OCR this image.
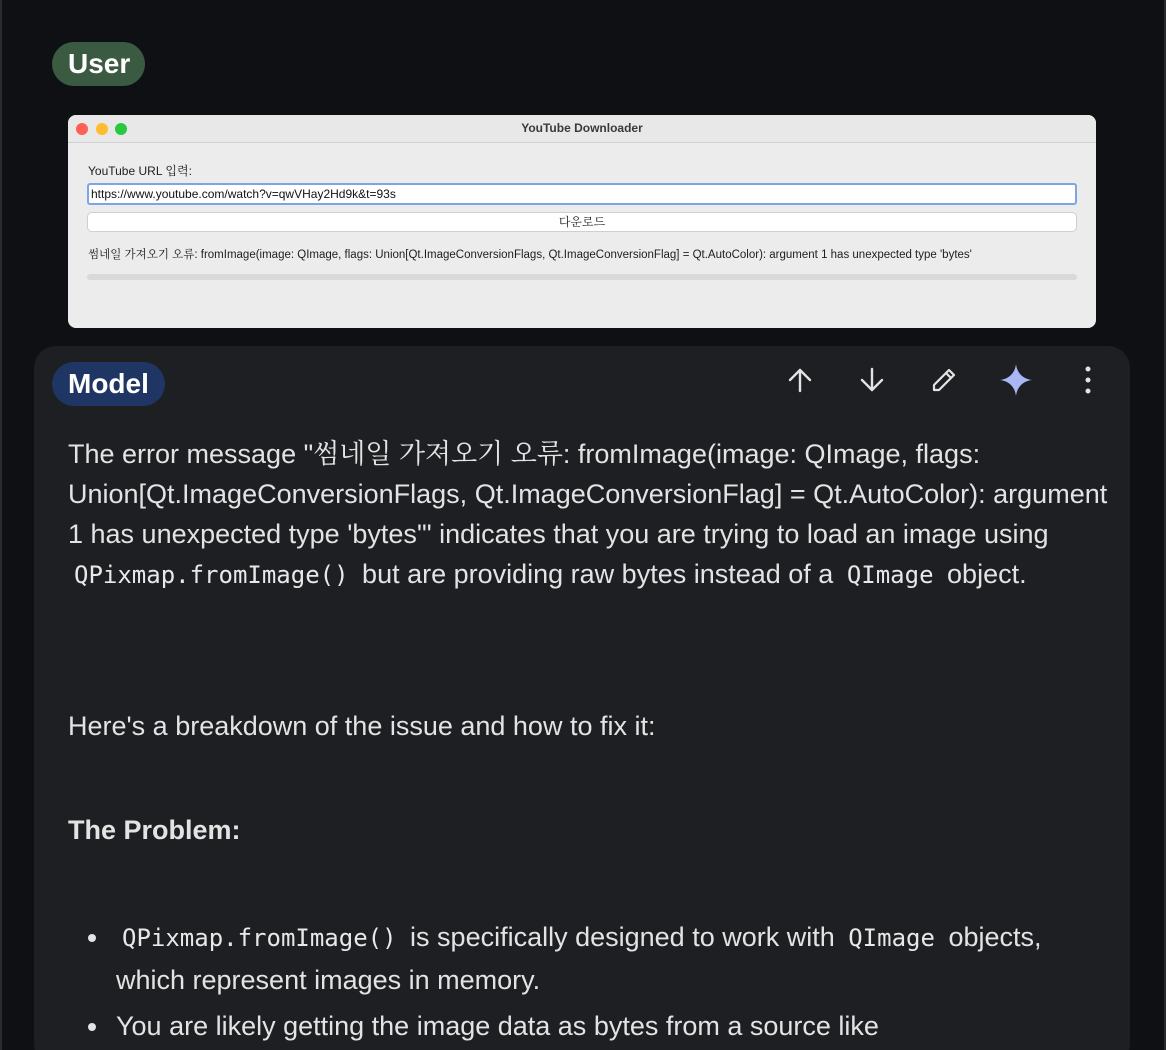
User
YouTube Downloader
YouTube URL 입력:
https://www.youtube.com/watch?v=qwVHay2Hd9k&t=93s
다운로드
썸네일 가져오기 오류: fromImage(image: QImage, flags: Union[Qt.ImageConversionFlags, Qt.ImageConversionFlag] = Qt.AutoColor): argument 1 has unexpected type 'bytes'
Model
The error message "썸네일 가져오기 오류: fromImage(image: QImage, flags: Union[Qt.ImageConversionFlags, Qt.ImageConversionFlag] = Qt.AutoColor): argument 1 has unexpected type 'bytes'" indicates that you are trying to load an image using QPixmap.fromImage() but are providing raw bytes instead of a QImage object.
Here's a breakdown of the issue and how to fix it:
The Problem:
QPixmap.fromImage() is specifically designed to work with QImage objects, which represent images in memory.
You are likely getting the image data as bytes from a source like
